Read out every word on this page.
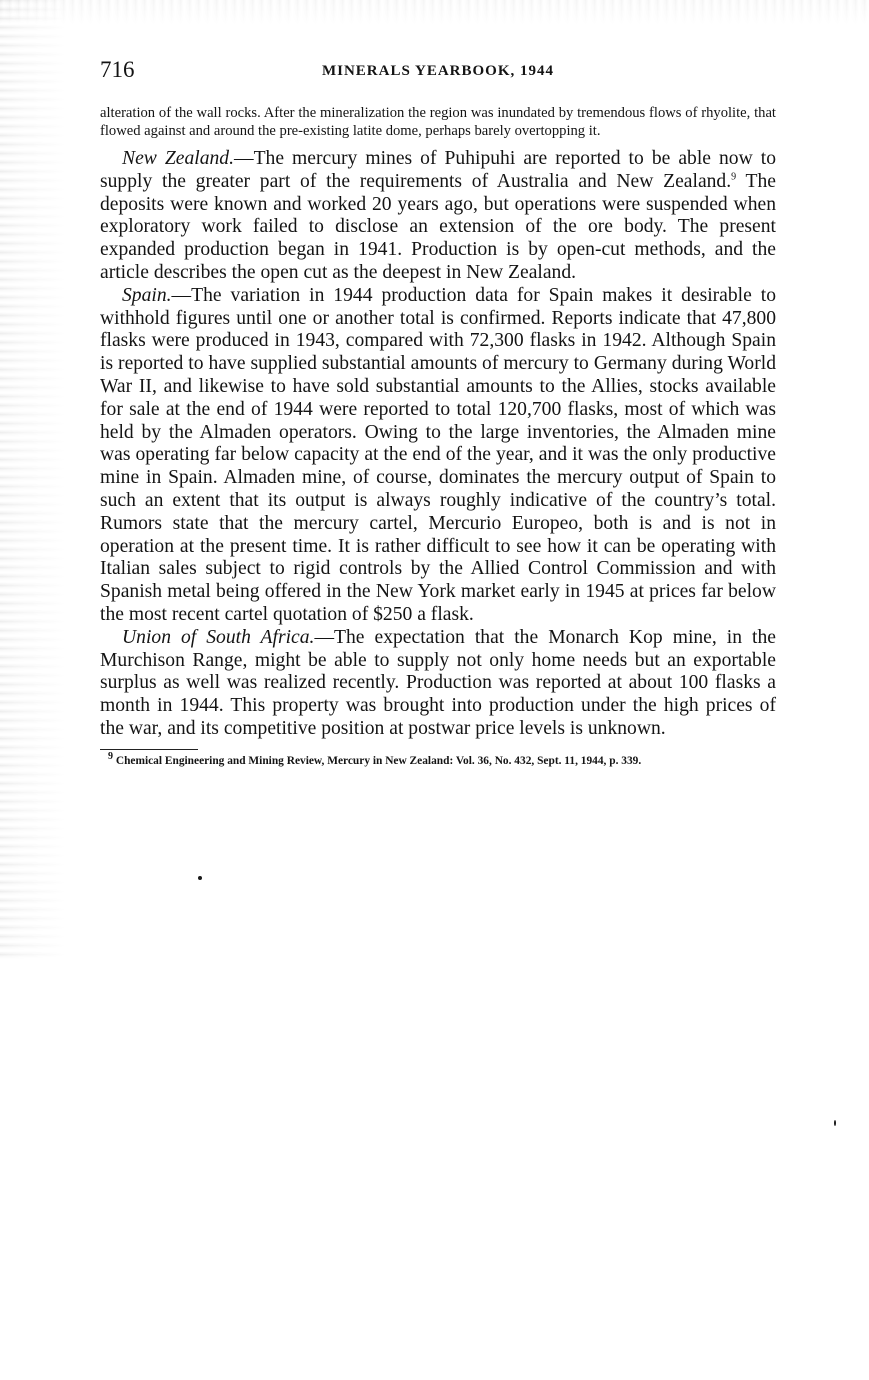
716	MINERALS YEARBOOK, 1944

alteration of the wall rocks. After the mineralization the region was inundated by tremendous flows of rhyolite, that flowed against and around the pre-existing latite dome, perhaps barely overtopping it.

New Zealand.—The mercury mines of Puhipuhi are reported to be able now to supply the greater part of the requirements of Australia and New Zealand.$^9$ The deposits were known and worked 20 years ago, but operations were suspended when exploratory work failed to disclose an extension of the ore body. The present expanded production began in 1941. Production is by open-cut methods, and the article describes the open cut as the deepest in New Zealand.

Spain.—The variation in 1944 production data for Spain makes it desirable to withhold figures until one or another total is confirmed. Reports indicate that 47,800 flasks were produced in 1943, compared with 72,300 flasks in 1942. Although Spain is reported to have supplied substantial amounts of mercury to Germany during World War II, and likewise to have sold substantial amounts to the Allies, stocks available for sale at the end of 1944 were reported to total 120,700 flasks, most of which was held by the Almaden operators. Owing to the large inventories, the Almaden mine was operating far below capacity at the end of the year, and it was the only productive mine in Spain. Almaden mine, of course, dominates the mercury output of Spain to such an extent that its output is always roughly indicative of the country’s total. Rumors state that the mercury cartel, Mercurio Europeo, both is and is not in operation at the present time. It is rather difficult to see how it can be operating with Italian sales subject to rigid controls by the Allied Control Commission and with Spanish metal being offered in the New York market early in 1945 at prices far below the most recent cartel quotation of $250 a flask.

Union of South Africa.—The expectation that the Monarch Kop mine, in the Murchison Range, might be able to supply not only home needs but an exportable surplus as well was realized recently. Production was reported at about 100 flasks a month in 1944. This property was brought into production under the high prices of the war, and its competitive position at postwar price levels is unknown.

$^9$ Chemical Engineering and Mining Review, Mercury in New Zealand: Vol. 36, No. 432, Sept. 11, 1944, p. 339.
